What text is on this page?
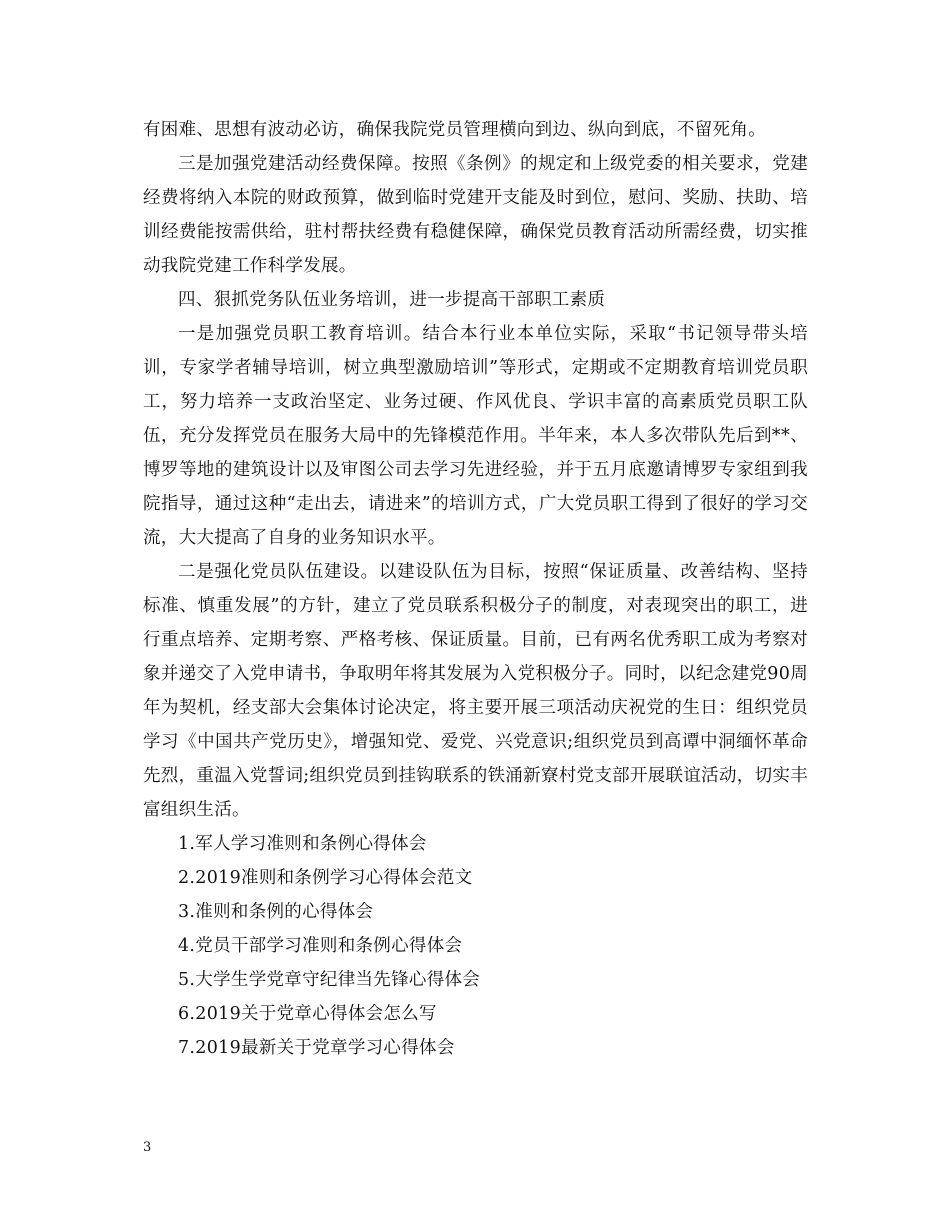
有困难、思想有波动必访，确保我院党员管理横向到边、纵向到底，不留死角。

三是加强党建活动经费保障。按照《条例》的规定和上级党委的相关要求，党建经费将纳入本院的财政预算，做到临时党建开支能及时到位，慰问、奖励、扶助、培训经费能按需供给，驻村帮扶经费有稳健保障，确保党员教育活动所需经费，切实推动我院党建工作科学发展。

四、狠抓党务队伍业务培训，进一步提高干部职工素质

一是加强党员职工教育培训。结合本行业本单位实际，采取“书记领导带头培训，专家学者辅导培训，树立典型激励培训”等形式，定期或不定期教育培训党员职工，努力培养一支政治坚定、业务过硬、作风优良、学识丰富的高素质党员职工队伍，充分发挥党员在服务大局中的先锋模范作用。半年来，本人多次带队先后到**、博罗等地的建筑设计以及审图公司去学习先进经验，并于五月底邀请博罗专家组到我院指导，通过这种“走出去，请进来”的培训方式，广大党员职工得到了很好的学习交流，大大提高了自身的业务知识水平。

二是强化党员队伍建设。以建设队伍为目标，按照“保证质量、改善结构、坚持标准、慎重发展”的方针，建立了党员联系积极分子的制度，对表现突出的职工，进行重点培养、定期考察、严格考核、保证质量。目前，已有两名优秀职工成为考察对象并递交了入党申请书，争取明年将其发展为入党积极分子。同时，以纪念建党90周年为契机，经支部大会集体讨论决定，将主要开展三项活动庆祝党的生日：组织党员学习《中国共产党历史》，增强知党、爱党、兴党意识;组织党员到高谭中洞缅怀革命先烈，重温入党誓词;组织党员到挂钩联系的铁涌新寮村党支部开展联谊活动，切实丰富组织生活。

1.军人学习准则和条例心得体会
2.2019准则和条例学习心得体会范文
3.准则和条例的心得体会
4.党员干部学习准则和条例心得体会
5.大学生学党章守纪律当先锋心得体会
6.2019关于党章心得体会怎么写
7.2019最新关于党章学习心得体会
3
